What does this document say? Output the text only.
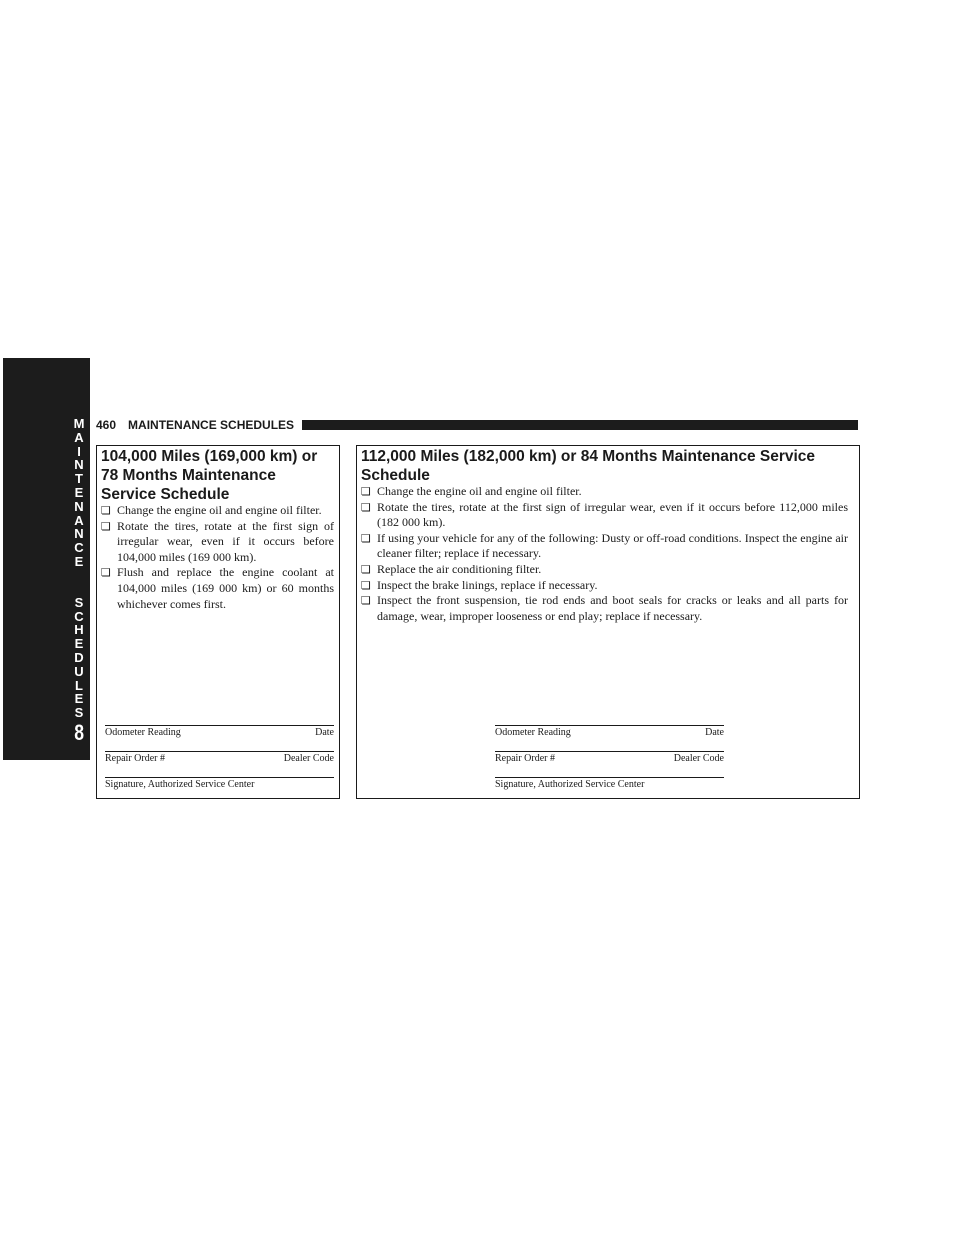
M
A
I
N
T
E
N
A
N
C
E
S
C
H
E
D
U
L
E
S
8
460 MAINTENANCE SCHEDULES
104,000 Miles (169,000 km) or 78 Months Maintenance Service Schedule
❏ Change the engine oil and engine oil filter.
❏ Rotate the tires, rotate at the first sign of irregular wear, even if it occurs before 104,000 miles (169 000 km).
❏ Flush and replace the engine coolant at 104,000 miles (169 000 km) or 60 months whichever comes first.
Odometer Reading	Date
Repair Order #	Dealer Code
Signature, Authorized Service Center
112,000 Miles (182,000 km) or 84 Months Maintenance Service Schedule
❏ Change the engine oil and engine oil filter.
❏ Rotate the tires, rotate at the first sign of irregular wear, even if it occurs before 112,000 miles (182 000 km).
❏ If using your vehicle for any of the following: Dusty or off-road conditions. Inspect the engine air cleaner filter; replace if necessary.
❏ Replace the air conditioning filter.
❏ Inspect the brake linings, replace if necessary.
❏ Inspect the front suspension, tie rod ends and boot seals for cracks or leaks and all parts for damage, wear, improper looseness or end play; replace if necessary.
Odometer Reading	Date
Repair Order #	Dealer Code
Signature, Authorized Service Center
